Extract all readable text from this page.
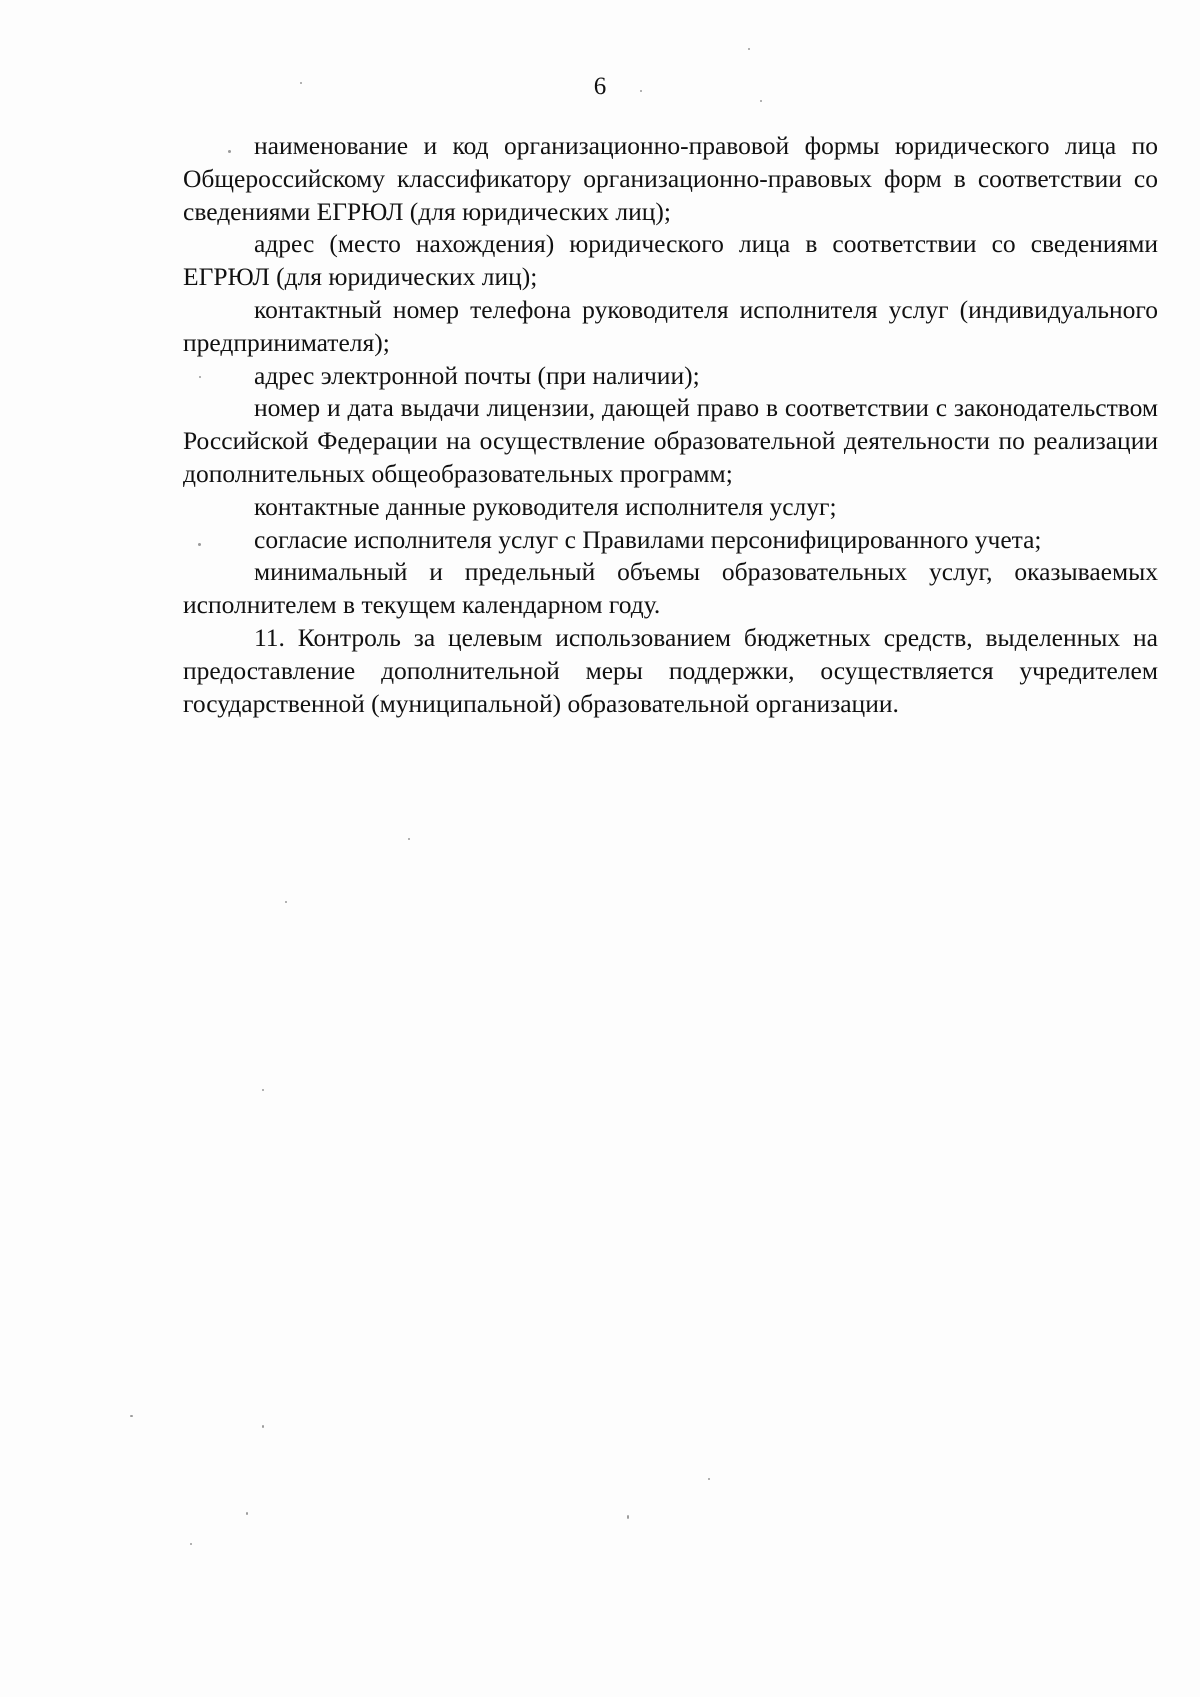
6

наименование и код организационно-правовой формы юридического лица по Общероссийскому классификатору организационно-правовых форм в соответствии со сведениями ЕГРЮЛ (для юридических лиц);

адрес (место нахождения) юридического лица в соответствии со сведениями ЕГРЮЛ (для юридических лиц);

контактный номер телефона руководителя исполнителя услуг (индивидуального предпринимателя);

адрес электронной почты (при наличии);

номер и дата выдачи лицензии, дающей право в соответствии с законодательством Российской Федерации на осуществление образовательной деятельности по реализации дополнительных общеобразовательных программ;

контактные данные руководителя исполнителя услуг;

согласие исполнителя услуг с Правилами персонифицированного учета;

минимальный и предельный объемы образовательных услуг, оказываемых исполнителем в текущем календарном году.

11. Контроль за целевым использованием бюджетных средств, выделенных на предоставление дополнительной меры поддержки, осуществляется учредителем государственной (муниципальной) образовательной организации.
